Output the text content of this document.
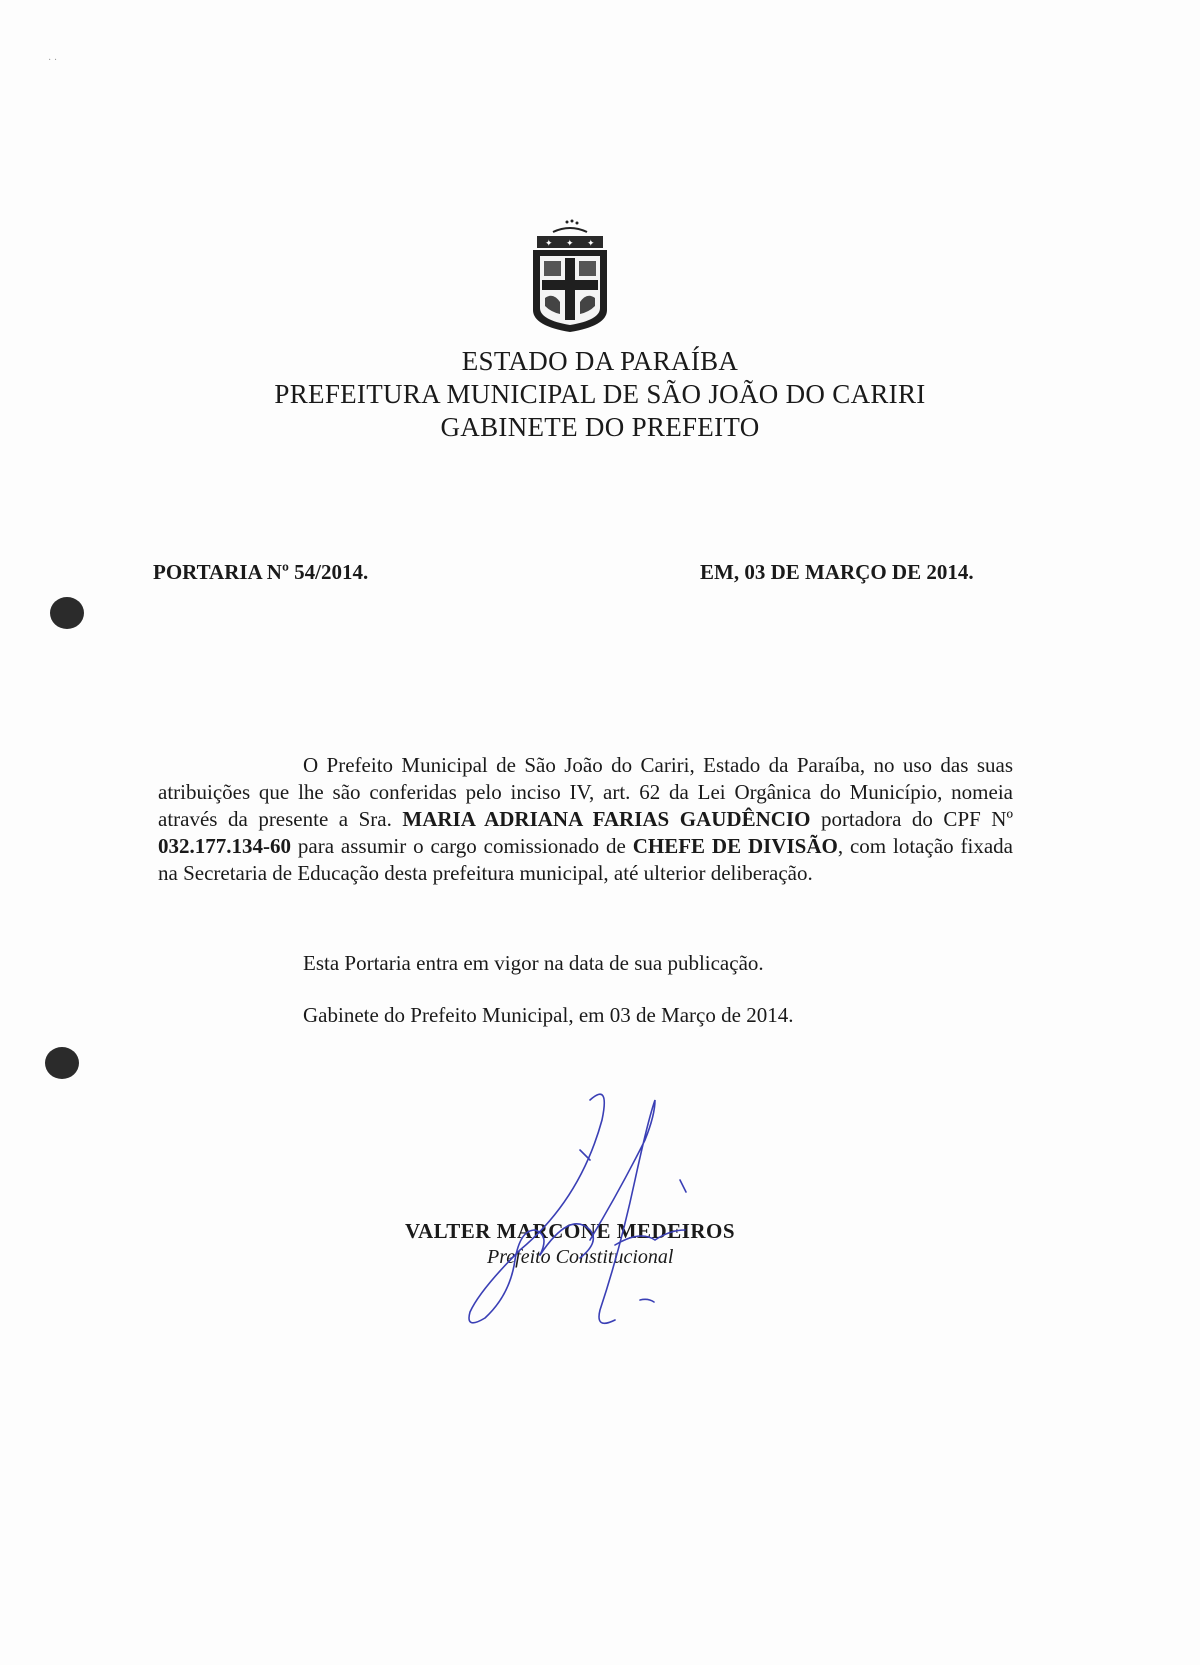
· ·
✦ ✦ ✦
ESTADO DA PARAÍBA
PREFEITURA MUNICIPAL DE SÃO JOÃO DO CARIRI
GABINETE DO PREFEITO
PORTARIA Nº 54/2014.	EM, 03 DE MARÇO DE 2014.
O Prefeito Municipal de São João do Cariri, Estado da Paraíba, no uso das suas atribuições que lhe são conferidas pelo inciso IV, art. 62 da Lei Orgânica do Município, nomeia através da presente a Sra. MARIA ADRIANA FARIAS GAUDÊNCIO portadora do CPF Nº 032.177.134-60 para assumir o cargo comissionado de CHEFE DE DIVISÃO, com lotação fixada na Secretaria de Educação desta prefeitura municipal, até ulterior deliberação.
Esta Portaria entra em vigor na data de sua publicação.
Gabinete do Prefeito Municipal, em 03 de Março de 2014.
VALTER MARCONE MEDEIROS
Prefeito Constitucional
